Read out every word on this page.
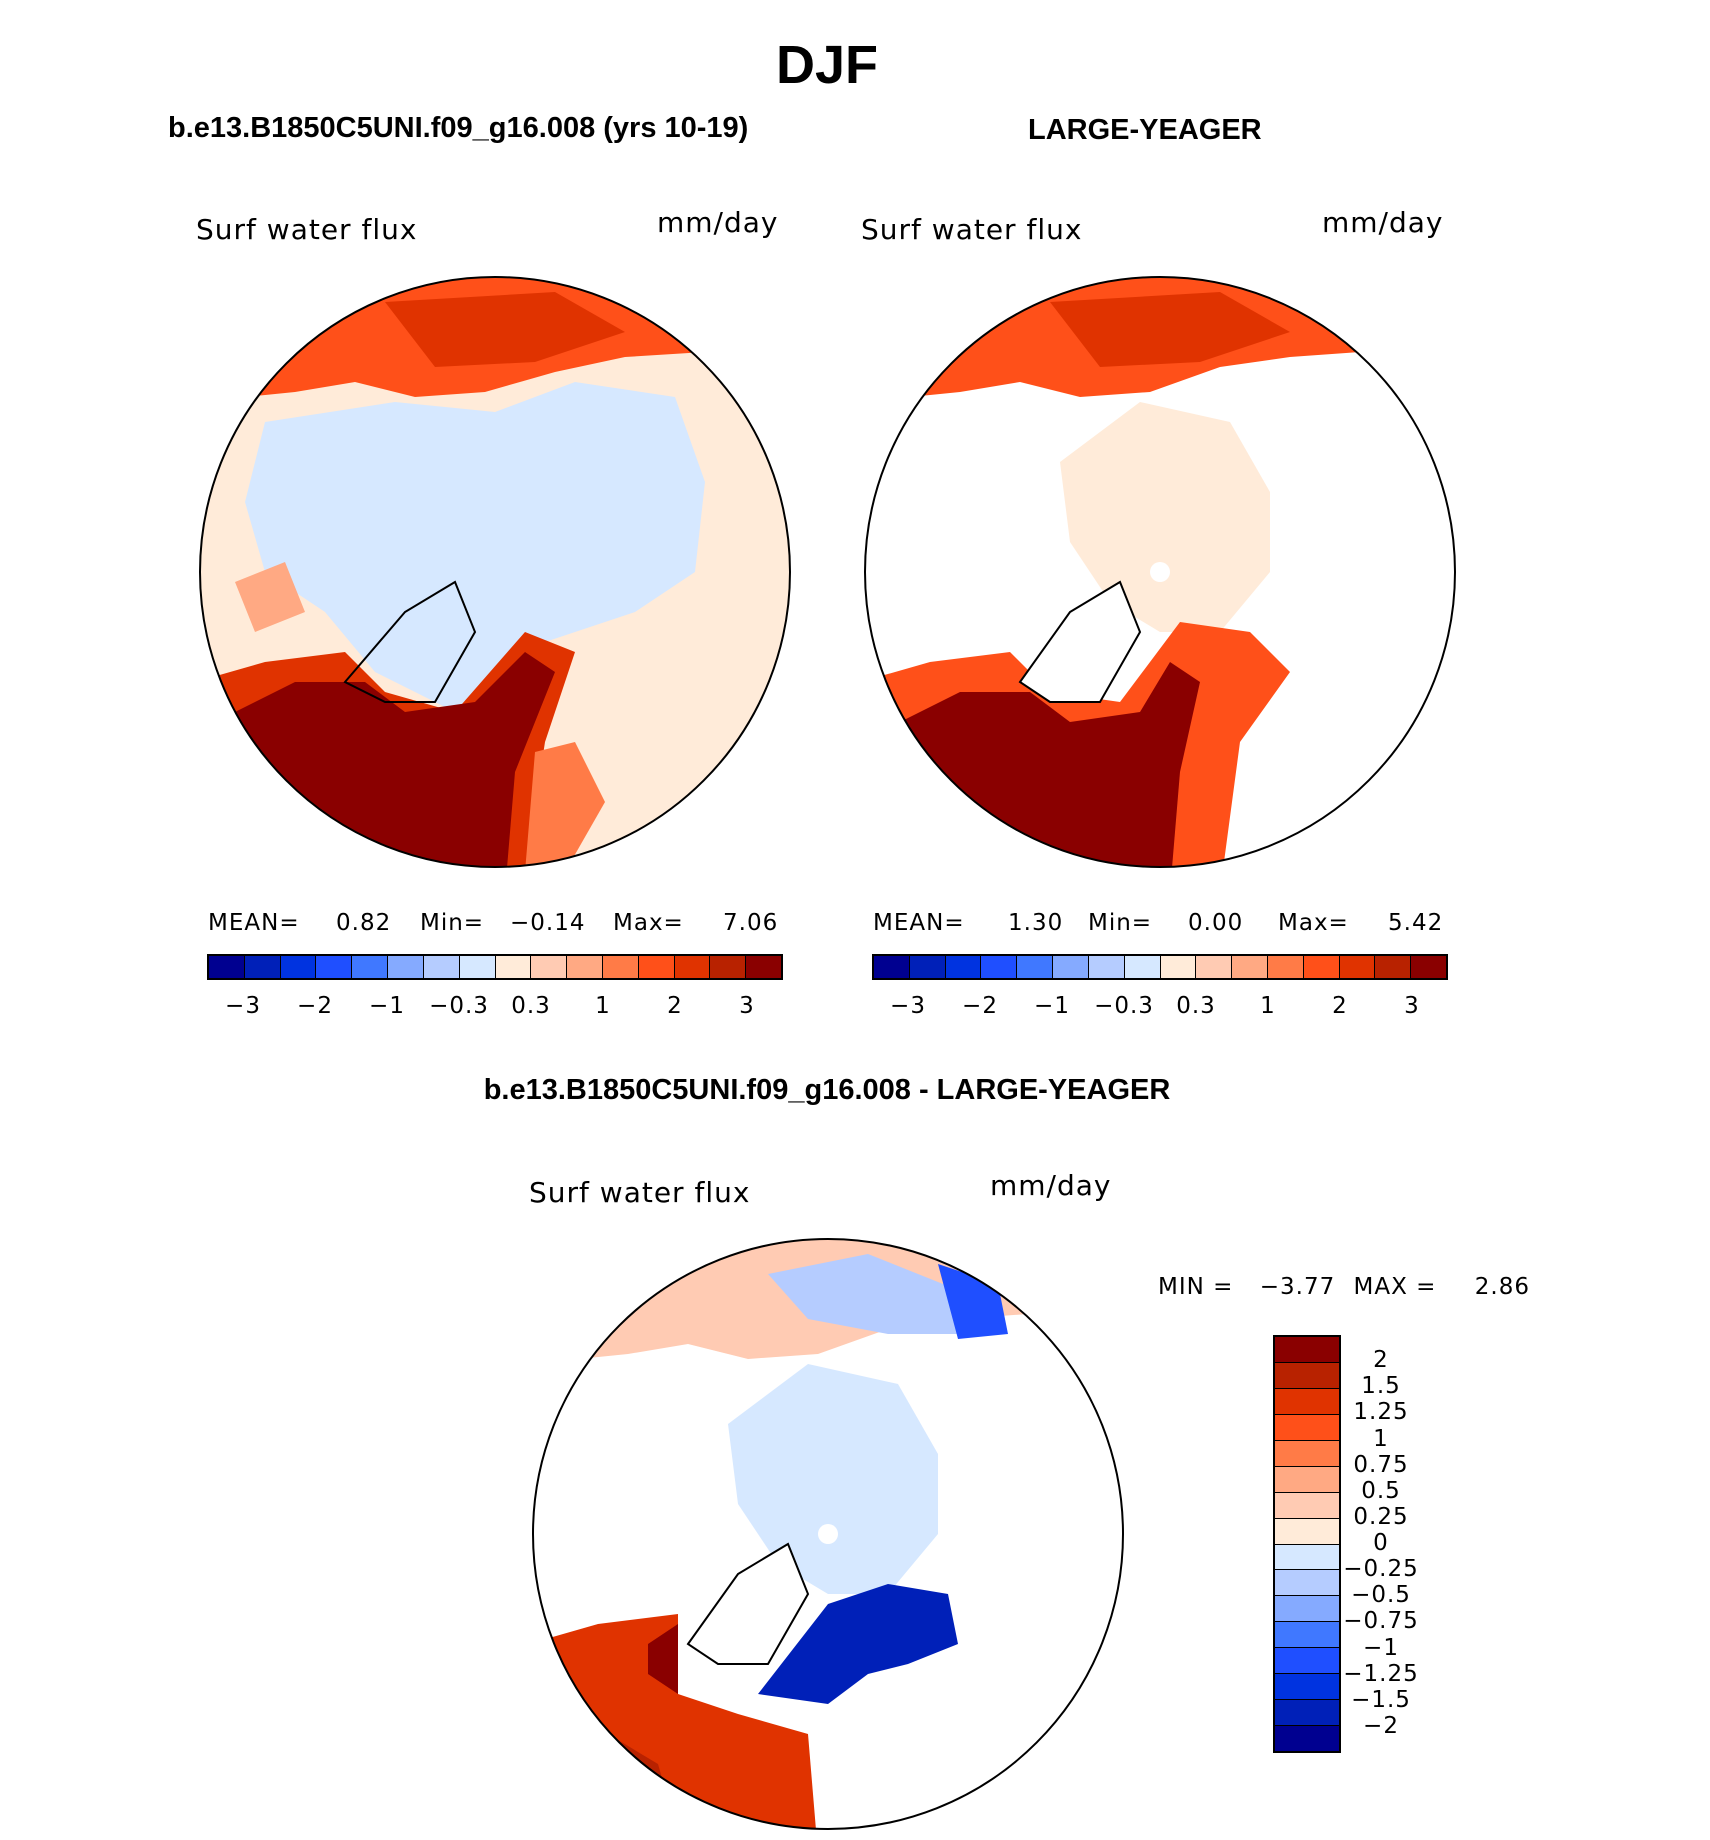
DJF
b.e13.B1850C5UNI.f09_g16.008 (yrs 10-19)	LARGE-YEAGER
b.e13.B1850C5UNI.f09_g16.008 - LARGE-YEAGER
Surf water flux	mm/day	Surf water flux	mm/day
Surf water flux	mm/day
MEAN= 0.82 Min= −0.14 Max= 7.06
−3 −2 −1 −0.3 0.3 1 2 3
MEAN= 1.30 Min= 0.00 Max= 5.42
−3 −2 −1 −0.3 0.3 1 2 3
MIN = −3.77 MAX = 2.86
2
1.5
1.25
1
0.75
0.5
0.25
0
−0.25
−0.5
−0.75
−1
−1.25
−1.5
−2
